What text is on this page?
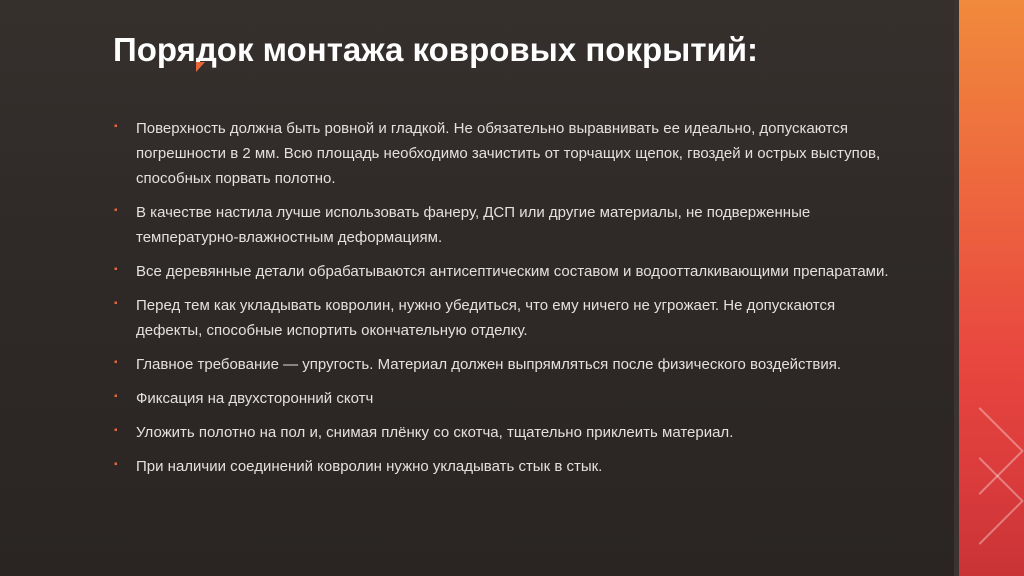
Порядок монтажа ковровых покрытий:
▪ Поверхность должна быть ровной и гладкой. Не обязательно выравнивать ее идеально, допускаются погрешности в 2 мм. Всю площадь необходимо зачистить от торчащих щепок, гвоздей и острых выступов, способных порвать полотно.
▪ В качестве настила лучше использовать фанеру, ДСП или другие материалы, не подверженные температурно-влажностным деформациям.
▪ Все деревянные детали обрабатываются антисептическим составом и водоотталкивающими препаратами.
▪ Перед тем как укладывать ковролин, нужно убедиться, что ему ничего не угрожает. Не допускаются дефекты, способные испортить окончательную отделку.
▪ Главное требование — упругость. Материал должен выпрямляться после физического воздействия.
▪ Фиксация на двухсторонний скотч
▪ Уложить полотно на пол и, снимая плёнку со скотча, тщательно приклеить материал.
▪ При наличии соединений ковролин нужно укладывать стык в стык.
